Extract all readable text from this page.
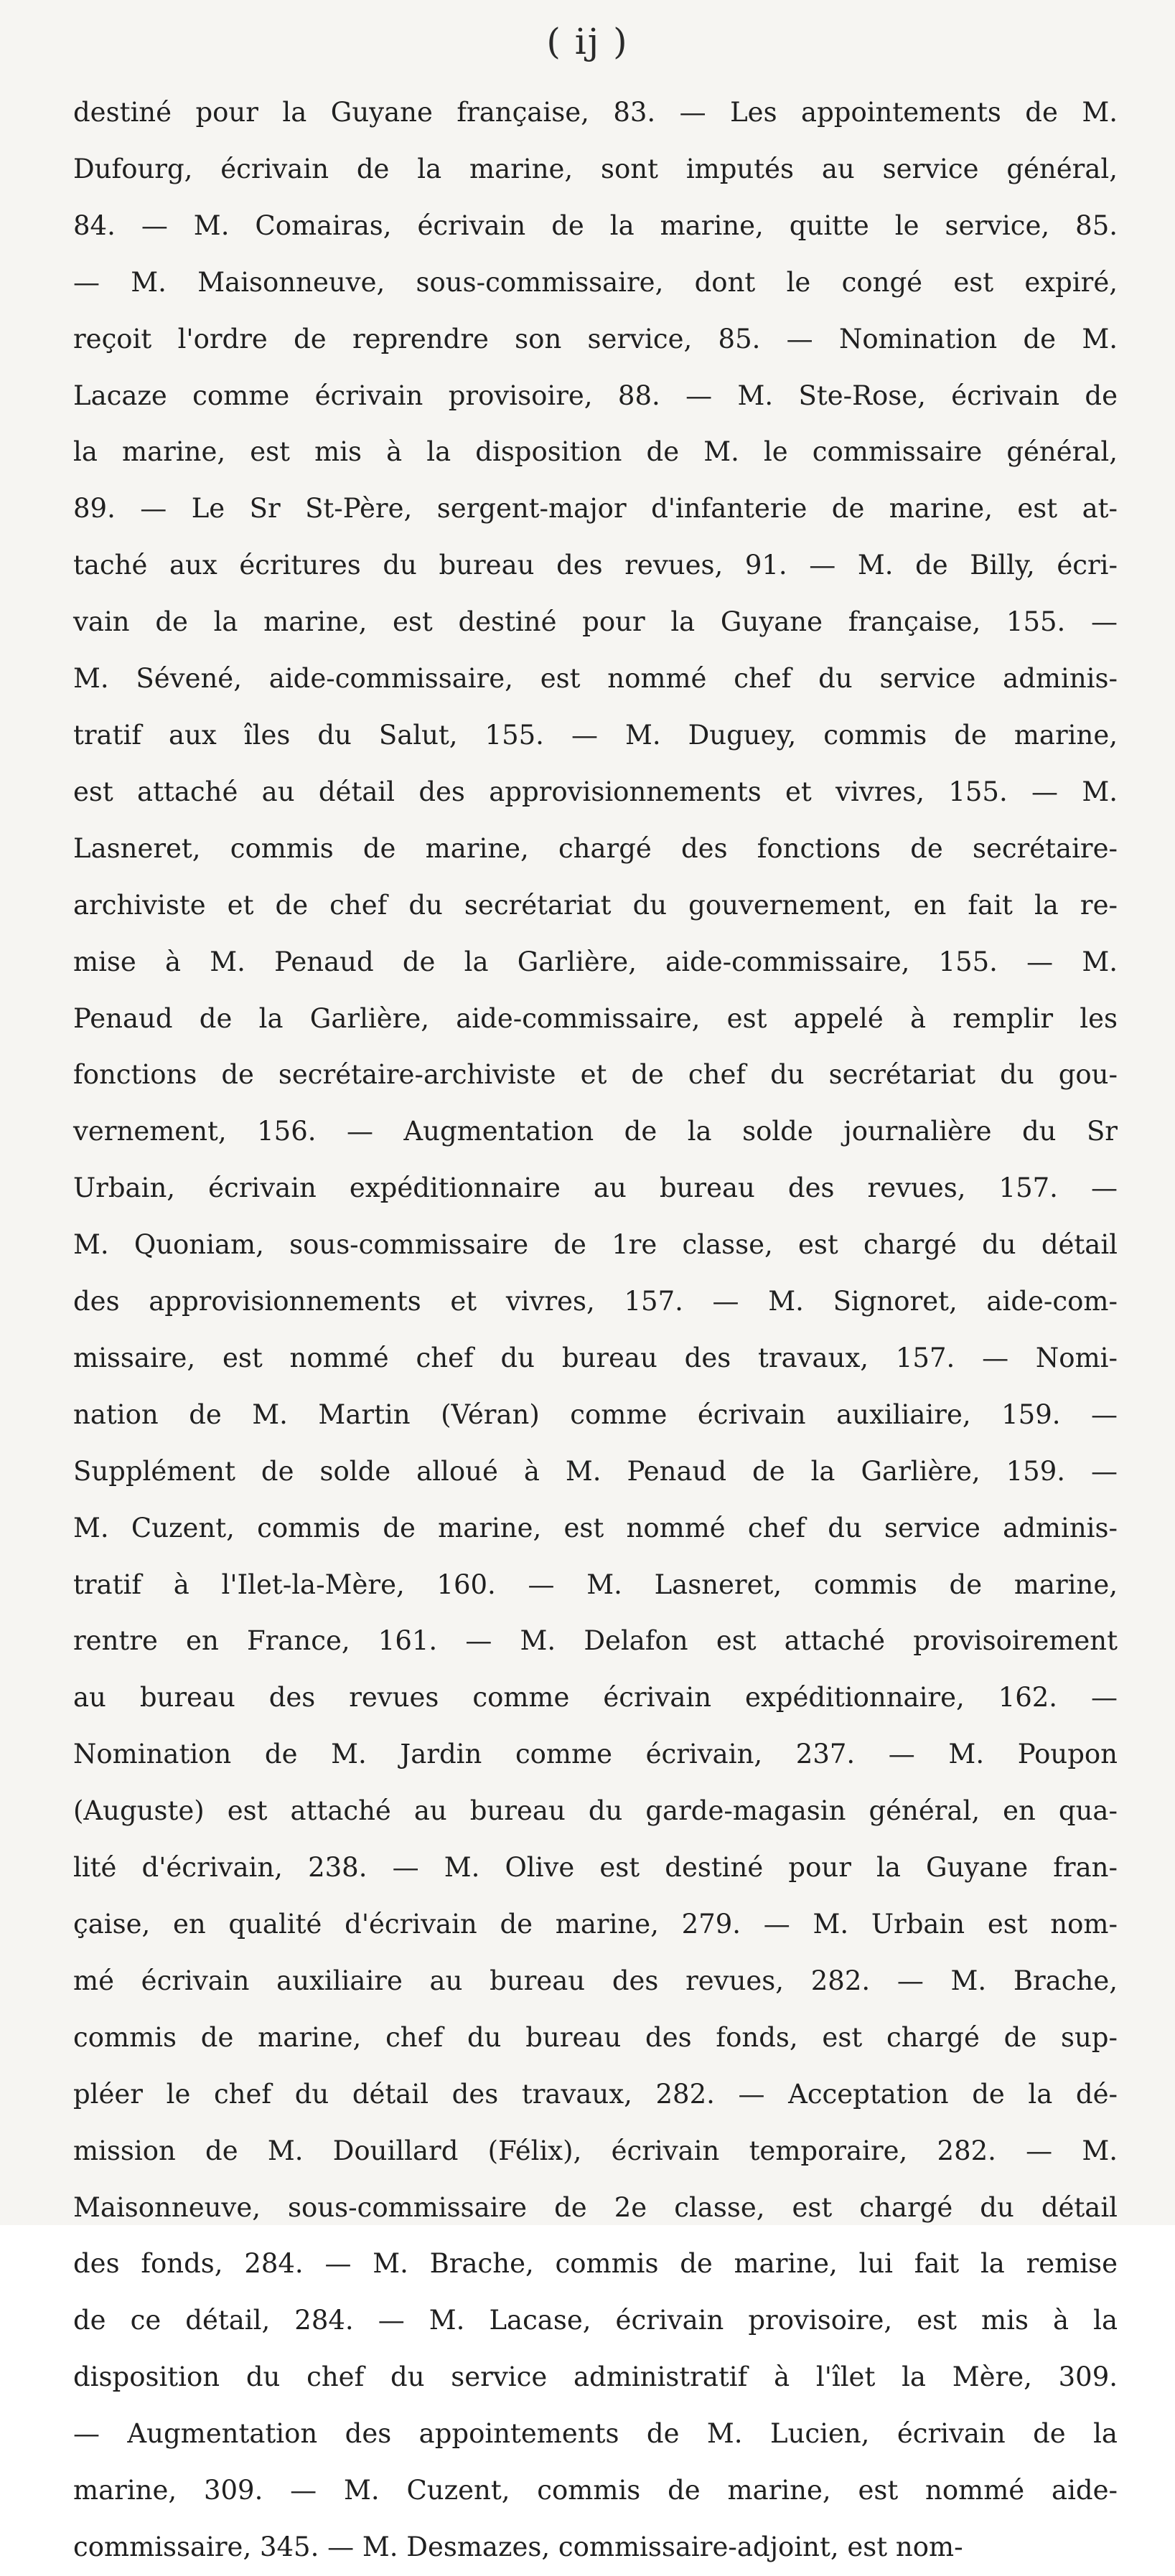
( ij )
destiné pour la Guyane française, 83. — Les appointements de M.
Dufourg, écrivain de la marine, sont imputés au service général,
84. — M. Comairas, écrivain de la marine, quitte le service, 85.
— M. Maisonneuve, sous-commissaire, dont le congé est expiré,
reçoit l'ordre de reprendre son service, 85. — Nomination de M.
Lacaze comme écrivain provisoire, 88. — M. Ste-Rose, écrivain de
la marine, est mis à la disposition de M. le commissaire général,
89. — Le Sr St-Père, sergent-major d'infanterie de marine, est at-
taché aux écritures du bureau des revues, 91. — M. de Billy, écri-
vain de la marine, est destiné pour la Guyane française, 155. —
M. Sévené, aide-commissaire, est nommé chef du service adminis-
tratif aux îles du Salut, 155. — M. Duguey, commis de marine,
est attaché au détail des approvisionnements et vivres, 155. — M.
Lasneret, commis de marine, chargé des fonctions de secrétaire-
archiviste et de chef du secrétariat du gouvernement, en fait la re-
mise à M. Penaud de la Garlière, aide-commissaire, 155. — M.
Penaud de la Garlière, aide-commissaire, est appelé à remplir les
fonctions de secrétaire-archiviste et de chef du secrétariat du gou-
vernement, 156. — Augmentation de la solde journalière du Sr
Urbain, écrivain expéditionnaire au bureau des revues, 157. —
M. Quoniam, sous-commissaire de 1re classe, est chargé du détail
des approvisionnements et vivres, 157. — M. Signoret, aide-com-
missaire, est nommé chef du bureau des travaux, 157. — Nomi-
nation de M. Martin (Véran) comme écrivain auxiliaire, 159. —
Supplément de solde alloué à M. Penaud de la Garlière, 159. —
M. Cuzent, commis de marine, est nommé chef du service adminis-
tratif à l'Ilet-la-Mère, 160. — M. Lasneret, commis de marine,
rentre en France, 161. — M. Delafon est attaché provisoirement
au bureau des revues comme écrivain expéditionnaire, 162. —
Nomination de M. Jardin comme écrivain, 237. — M. Poupon
(Auguste) est attaché au bureau du garde-magasin général, en qua-
lité d'écrivain, 238. — M. Olive est destiné pour la Guyane fran-
çaise, en qualité d'écrivain de marine, 279. — M. Urbain est nom-
mé écrivain auxiliaire au bureau des revues, 282. — M. Brache,
commis de marine, chef du bureau des fonds, est chargé de sup-
pléer le chef du détail des travaux, 282. — Acceptation de la dé-
mission de M. Douillard (Félix), écrivain temporaire, 282. — M.
Maisonneuve, sous-commissaire de 2e classe, est chargé du détail
des fonds, 284. — M. Brache, commis de marine, lui fait la remise
de ce détail, 284. — M. Lacase, écrivain provisoire, est mis à la
disposition du chef du service administratif à l'îlet la Mère, 309.
— Augmentation des appointements de M. Lucien, écrivain de la
marine, 309. — M. Cuzent, commis de marine, est nommé aide-
commissaire, 345. — M. Desmazes, commissaire-adjoint, est nom-
